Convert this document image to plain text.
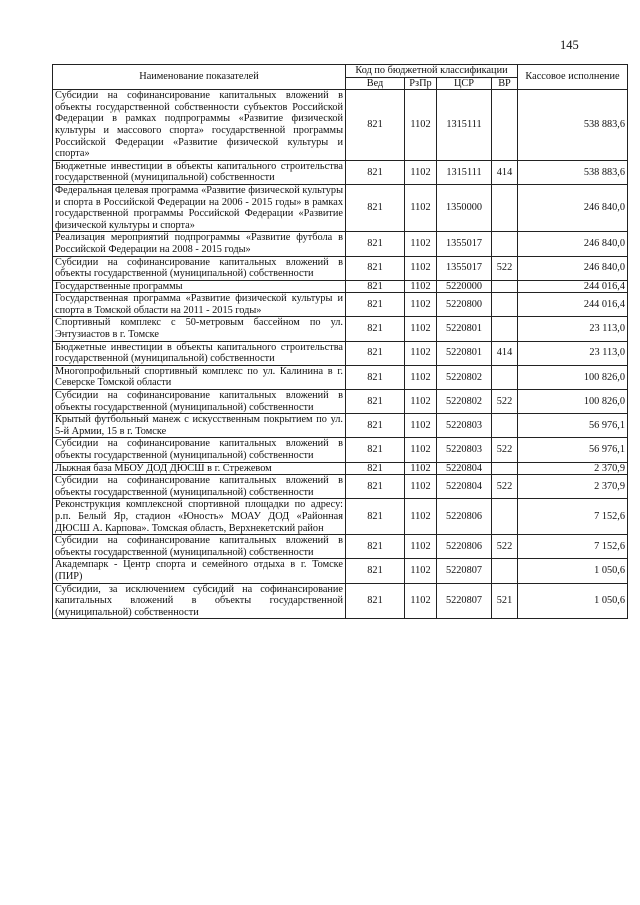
145
Наименование показателей	Код по бюджетной классификации				Кассовое исполнение
	Вед	РзПр	ЦСР	ВР	
Субсидии на софинансирование капитальных вложений в объекты государственной собственности субъектов Российской Федерации в рамках подпрограммы «Развитие физической культуры и массового спорта» государственной программы Российской Федерации «Развитие физической культуры и спорта»	821	1102	1315111		538 883,6
Бюджетные инвестиции в объекты капитального строительства государственной (муниципальной) собственности	821	1102	1315111	414	538 883,6
Федеральная целевая программа «Развитие физической культуры и спорта в Российской Федерации на 2006 - 2015 годы» в рамках государственной программы Российской Федерации «Развитие физической культуры и спорта»	821	1102	1350000		246 840,0
Реализация мероприятий подпрограммы «Развитие футбола в Российской Федерации на 2008 - 2015 годы»	821	1102	1355017		246 840,0
Субсидии на софинансирование капитальных вложений в объекты государственной (муниципальной) собственности	821	1102	1355017	522	246 840,0
Государственные программы	821	1102	5220000		244 016,4
Государственная программа «Развитие физической культуры и спорта в Томской области на 2011 - 2015 годы»	821	1102	5220800		244 016,4
Спортивный комплекс с 50-метровым бассейном по ул. Энтузиастов в г. Томске	821	1102	5220801		23 113,0
Бюджетные инвестиции в объекты капитального строительства государственной (муниципальной) собственности	821	1102	5220801	414	23 113,0
Многопрофильный спортивный комплекс по ул. Калинина в г. Северске Томской области	821	1102	5220802		100 826,0
Субсидии на софинансирование капитальных вложений в объекты государственной (муниципальной) собственности	821	1102	5220802	522	100 826,0
Крытый футбольный манеж с искусственным покрытием по ул. 5-й Армии, 15 в г. Томске	821	1102	5220803		56 976,1
Субсидии на софинансирование капитальных вложений в объекты государственной (муниципальной) собственности	821	1102	5220803	522	56 976,1
Лыжная база МБОУ ДОД ДЮСШ в г. Стрежевом	821	1102	5220804		2 370,9
Субсидии на софинансирование капитальных вложений в объекты государственной (муниципальной) собственности	821	1102	5220804	522	2 370,9
Реконструкция комплексной спортивной площадки по адресу: р.п. Белый Яр, стадион «Юность» МОАУ ДОД «Районная ДЮСШ А. Карпова». Томская область, Верхнекетский район	821	1102	5220806		7 152,6
Субсидии на софинансирование капитальных вложений в объекты государственной (муниципальной) собственности	821	1102	5220806	522	7 152,6
Академпарк - Центр спорта и семейного отдыха в г. Томске (ПИР)	821	1102	5220807		1 050,6
Субсидии, за исключением субсидий на софинансирование капитальных вложений в объекты государственной (муниципальной) собственности	821	1102	5220807	521	1 050,6
